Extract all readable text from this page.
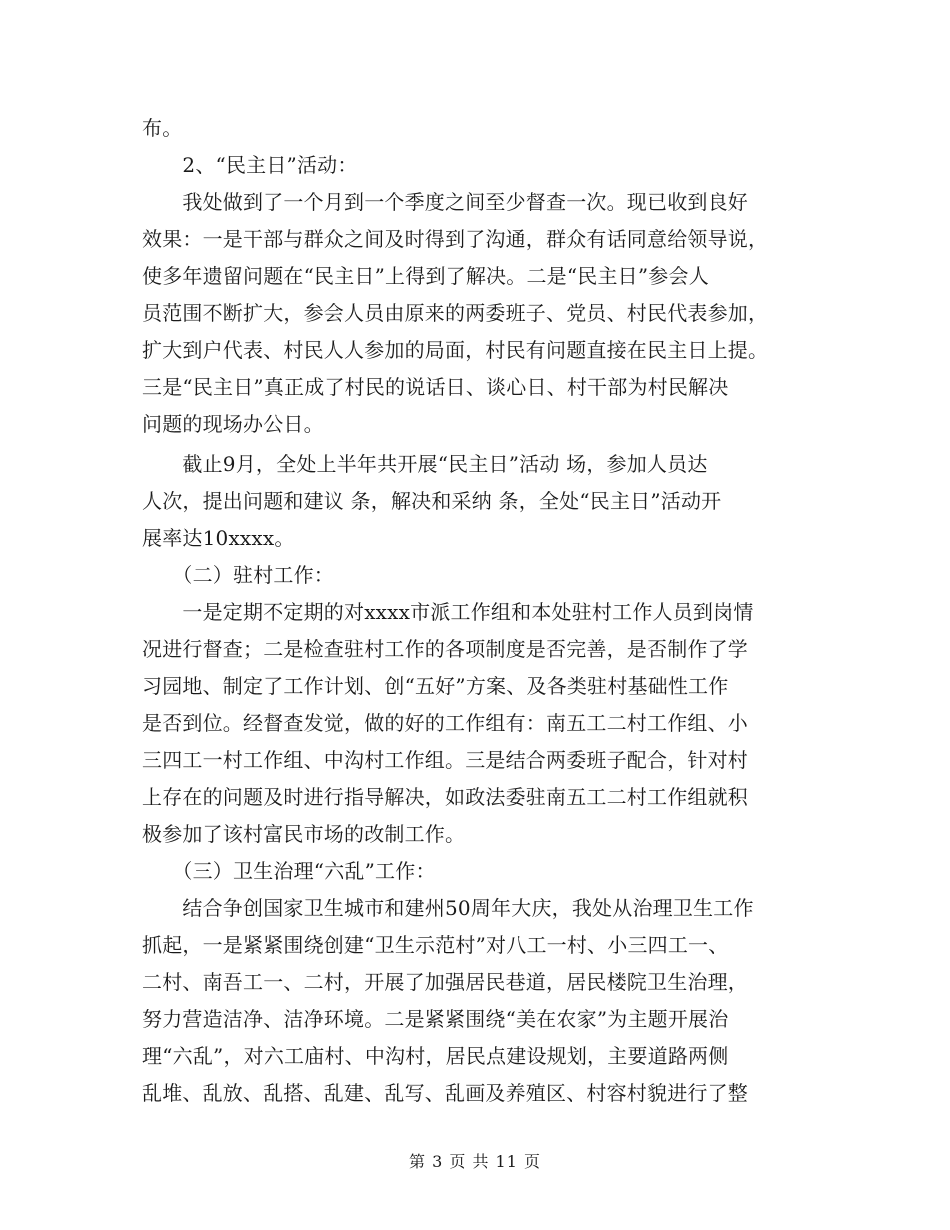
布。
　　2、“民主日”活动：
　　我处做到了一个月到一个季度之间至少督查一次。现已收到良好
效果：一是干部与群众之间及时得到了沟通，群众有话同意给领导说，
使多年遗留问题在“民主日”上得到了解决。二是“民主日”参会人
员范围不断扩大，参会人员由原来的两委班子、党员、村民代表参加，
扩大到户代表、村民人人参加的局面，村民有问题直接在民主日上提。
三是“民主日”真正成了村民的说话日、谈心日、村干部为村民解决
问题的现场办公日。
　　截止9月，全处上半年共开展“民主日”活动 场，参加人员达
人次，提出问题和建议 条，解决和采纳 条，全处“民主日”活动开
展率达10xxxx。
　　（二）驻村工作：
　　一是定期不定期的对xxxx市派工作组和本处驻村工作人员到岗情
况进行督查；二是检查驻村工作的各项制度是否完善，是否制作了学
习园地、制定了工作计划、创“五好”方案、及各类驻村基础性工作
是否到位。经督查发觉，做的好的工作组有：南五工二村工作组、小
三四工一村工作组、中沟村工作组。三是结合两委班子配合，针对村
上存在的问题及时进行指导解决，如政法委驻南五工二村工作组就积
极参加了该村富民市场的改制工作。
　　（三）卫生治理“六乱”工作：
　　结合争创国家卫生城市和建州50周年大庆，我处从治理卫生工作
抓起，一是紧紧围绕创建“卫生示范村”对八工一村、小三四工一、
二村、南吾工一、二村，开展了加强居民巷道，居民楼院卫生治理，
努力营造洁净、洁净环境。二是紧紧围绕“美在农家”为主题开展治
理“六乱”，对六工庙村、中沟村，居民点建设规划，主要道路两侧
乱堆、乱放、乱搭、乱建、乱写、乱画及养殖区、村容村貌进行了整
第 3 页 共 11 页
